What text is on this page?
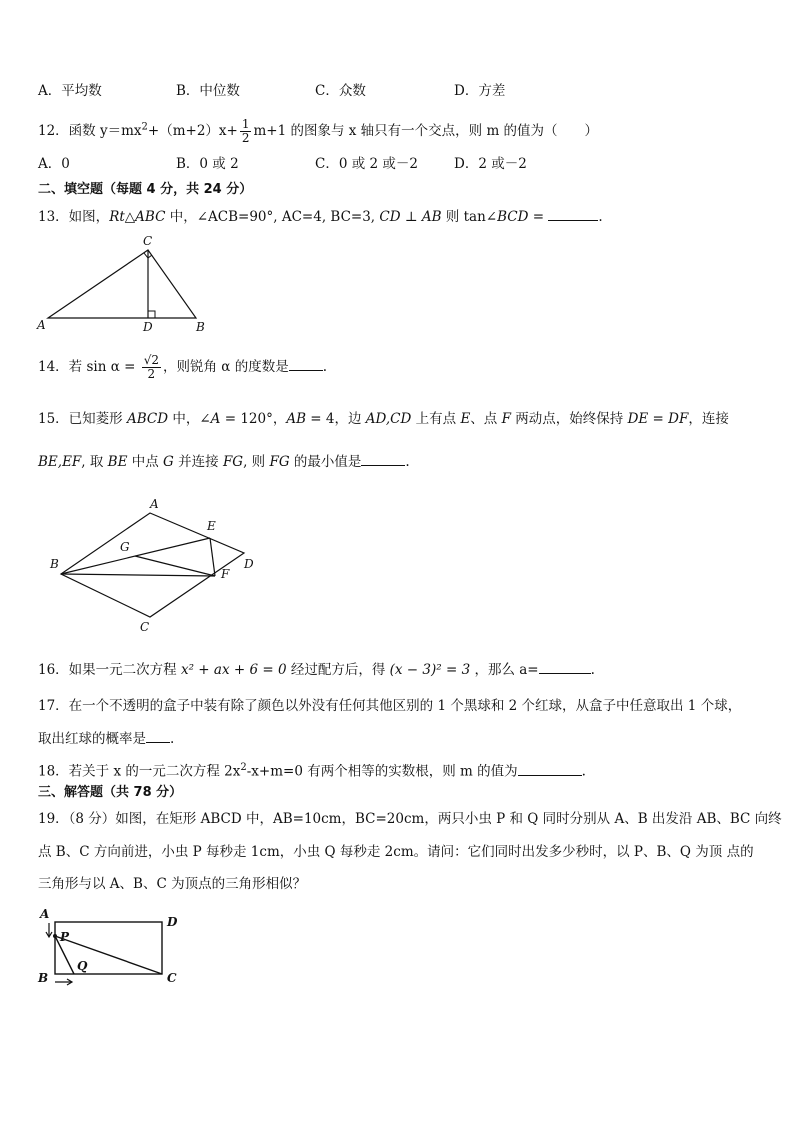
A．平均数	B．中位数	C．众数	D．方差
12．函数 $y=mx^2+(m+2)x+ \frac{1}{2} m+1$ 的图象与 x 轴只有一个交点，则 m 的值为（　　）
A．0	B．0 或 2	C．0 或 2 或－2	D．2 或－2
二、填空题（每题 4 分，共 24 分）
13．如图，Rt△ABC 中，∠ACB=90°, AC=4, BC=3, CD ⊥ AB 则 tan∠BCD =	.
C
A	D	B
14．若 $\sin \alpha = \frac{√2}{2}$ ，则锐角 α 的度数是	.
15．已知菱形 ABCD 中，∠A = 120°，AB = 4，边 AD,CD 上有点 E、点 F 两动点，始终保持 DE = DF，连接
BE,EF, 取 BE 中点 G 并连接 FG, 则 FG 的最小值是	.
A
B
C
D
E
F
G
16．如果一元二次方程 x² + ax + 6 = 0 经过配方后，得 (x − 3)² = 3 ，那么 a=	.
17．在一个不透明的盒子中装有除了颜色以外没有任何其他区别的 1 个黑球和 2 个红球，从盒子中任意取出 1 个球，
取出红球的概率是 .
18．若关于 x 的一元二次方程 $2x^2-x+m=0$ 有两个相等的实数根，则 m 的值为	.
三、解答题（共 78 分）
19．（8 分）如图，在矩形 ABCD 中，AB=10cm，BC=20cm，两只小虫 P 和 Q 同时分别从 A、B 出发沿 AB、BC 向终
点 B、C 方向前进，小虫 P 每秒走 1cm，小虫 Q 每秒走 2cm。请问：它们同时出发多少秒时，以 P、B、Q 为顶 点的
三角形与以 A、B、C 为顶点的三角形相似？
A
D
P
Q
B	C
